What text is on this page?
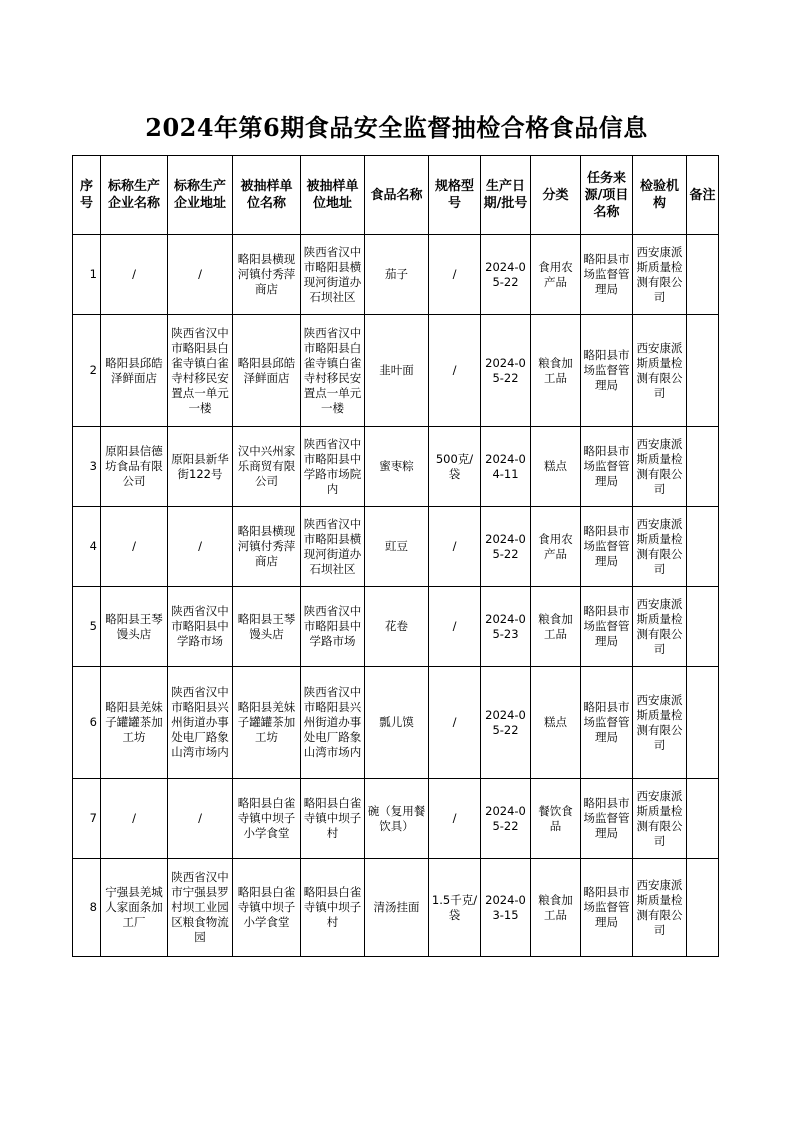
2024年第6期食品安全监督抽检合格食品信息
序号	标称生产企业名称	标称生产企业地址	被抽样单位名称	被抽样单位地址	食品名称	规格型号	生产日期/批号	分类	任务来源/项目名称	检验机构	备注
1	/	/	略阳县横现河镇付秀萍商店	陕西省汉中市略阳县横现河街道办石坝社区	茄子	/	2024-05-22	食用农产品	略阳县市场监督管理局	西安康派斯质量检测有限公司	
2	略阳县邱皓泽鲜面店	陕西省汉中市略阳县白雀寺镇白雀寺村移民安置点一单元一楼	略阳县邱皓泽鲜面店	陕西省汉中市略阳县白雀寺镇白雀寺村移民安置点一单元一楼	韭叶面	/	2024-05-22	粮食加工品	略阳县市场监督管理局	西安康派斯质量检测有限公司	
3	原阳县信德坊食品有限公司	原阳县新华街122号	汉中兴州家乐商贸有限公司	陕西省汉中市略阳县中学路市场院内	蜜枣粽	500克/袋	2024-04-11	糕点	略阳县市场监督管理局	西安康派斯质量检测有限公司	
4	/	/	略阳县横现河镇付秀萍商店	陕西省汉中市略阳县横现河街道办石坝社区	豇豆	/	2024-05-22	食用农产品	略阳县市场监督管理局	西安康派斯质量检测有限公司	
5	略阳县王琴馒头店	陕西省汉中市略阳县中学路市场	略阳县王琴馒头店	陕西省汉中市略阳县中学路市场	花卷	/	2024-05-23	粮食加工品	略阳县市场监督管理局	西安康派斯质量检测有限公司	
6	略阳县羌妹子罐罐茶加工坊	陕西省汉中市略阳县兴州街道办事处电厂路象山湾市场内	略阳县羌妹子罐罐茶加工坊	陕西省汉中市略阳县兴州街道办事处电厂路象山湾市场内	瓢儿馍	/	2024-05-22	糕点	略阳县市场监督管理局	西安康派斯质量检测有限公司	
7	/	/	略阳县白雀寺镇中坝子小学食堂	略阳县白雀寺镇中坝子村	碗（复用餐饮具）	/	2024-05-22	餐饮食品	略阳县市场监督管理局	西安康派斯质量检测有限公司	
8	宁强县羌城人家面条加工厂	陕西省汉中市宁强县罗村坝工业园区粮食物流园	略阳县白雀寺镇中坝子小学食堂	略阳县白雀寺镇中坝子村	清汤挂面	1.5千克/袋	2024-03-15	粮食加工品	略阳县市场监督管理局	西安康派斯质量检测有限公司	
